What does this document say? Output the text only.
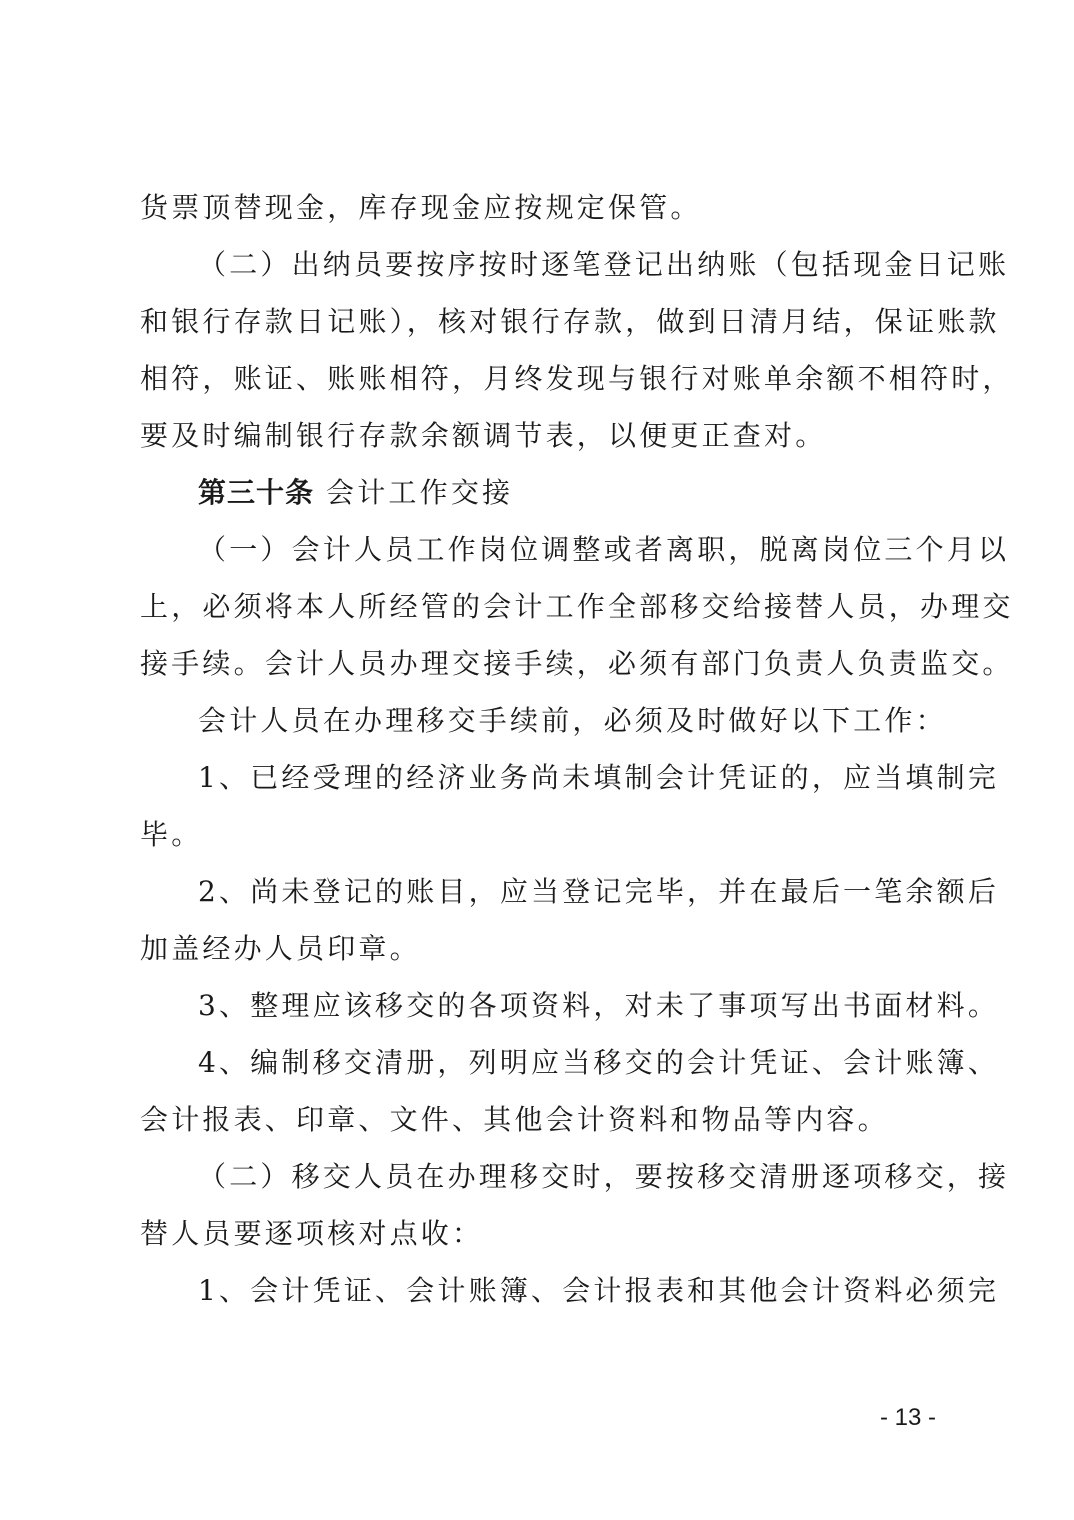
货票顶替现金，库存现金应按规定保管。
（二）出纳员要按序按时逐笔登记出纳账（包括现金日记账
和银行存款日记账），核对银行存款，做到日清月结，保证账款
相符，账证、账账相符，月终发现与银行对账单余额不相符时，
要及时编制银行存款余额调节表，以便更正查对。
第三十条 会计工作交接
（一）会计人员工作岗位调整或者离职，脱离岗位三个月以
上，必须将本人所经管的会计工作全部移交给接替人员，办理交
接手续。会计人员办理交接手续，必须有部门负责人负责监交。
会计人员在办理移交手续前，必须及时做好以下工作：
1、已经受理的经济业务尚未填制会计凭证的，应当填制完
毕。
2、尚未登记的账目，应当登记完毕，并在最后一笔余额后
加盖经办人员印章。
3、整理应该移交的各项资料，对未了事项写出书面材料。
4、编制移交清册，列明应当移交的会计凭证、会计账簿、
会计报表、印章、文件、其他会计资料和物品等内容。
（二）移交人员在办理移交时，要按移交清册逐项移交，接
替人员要逐项核对点收：
1、会计凭证、会计账簿、会计报表和其他会计资料必须完
- 13 -
